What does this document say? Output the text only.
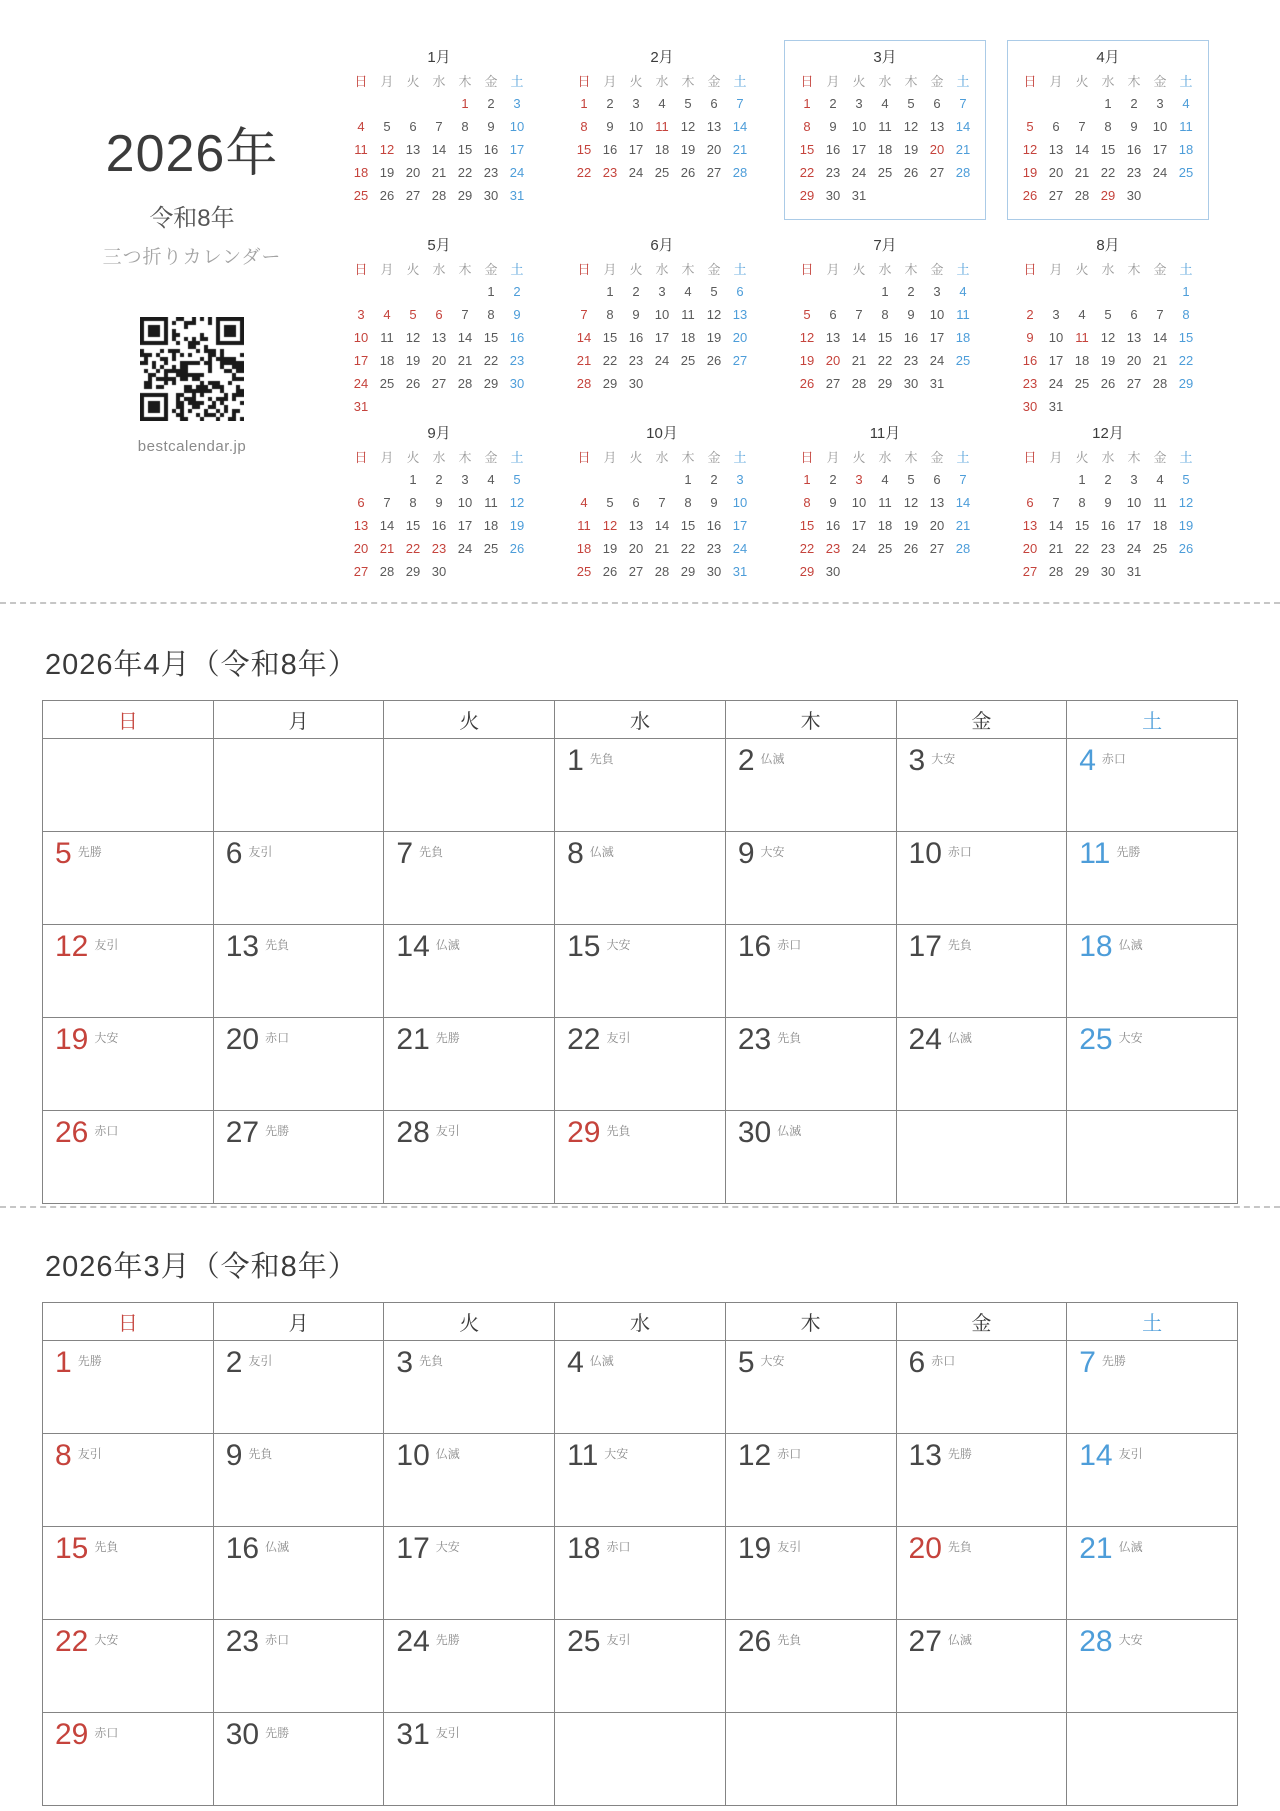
2026年
令和8年
三つ折りカレンダー
bestcalendar.jp
1月
日	月	火	水	木	金	土
				1	2	3
4	5	6	7	8	9	10
11	12	13	14	15	16	17
18	19	20	21	22	23	24
25	26	27	28	29	30	31
2月
日	月	火	水	木	金	土
1	2	3	4	5	6	7
8	9	10	11	12	13	14
15	16	17	18	19	20	21
22	23	24	25	26	27	28
3月
日	月	火	水	木	金	土
1	2	3	4	5	6	7
8	9	10	11	12	13	14
15	16	17	18	19	20	21
22	23	24	25	26	27	28
29	30	31				
4月
日	月	火	水	木	金	土
			1	2	3	4
5	6	7	8	9	10	11
12	13	14	15	16	17	18
19	20	21	22	23	24	25
26	27	28	29	30		
5月
日	月	火	水	木	金	土
					1	2
3	4	5	6	7	8	9
10	11	12	13	14	15	16
17	18	19	20	21	22	23
24	25	26	27	28	29	30
31						
6月
日	月	火	水	木	金	土
	1	2	3	4	5	6
7	8	9	10	11	12	13
14	15	16	17	18	19	20
21	22	23	24	25	26	27
28	29	30				
7月
日	月	火	水	木	金	土
			1	2	3	4
5	6	7	8	9	10	11
12	13	14	15	16	17	18
19	20	21	22	23	24	25
26	27	28	29	30	31	
8月
日	月	火	水	木	金	土
						1
2	3	4	5	6	7	8
9	10	11	12	13	14	15
16	17	18	19	20	21	22
23	24	25	26	27	28	29
30	31					
9月
日	月	火	水	木	金	土
		1	2	3	4	5
6	7	8	9	10	11	12
13	14	15	16	17	18	19
20	21	22	23	24	25	26
27	28	29	30			
10月
日	月	火	水	木	金	土
				1	2	3
4	5	6	7	8	9	10
11	12	13	14	15	16	17
18	19	20	21	22	23	24
25	26	27	28	29	30	31
11月
日	月	火	水	木	金	土
1	2	3	4	5	6	7
8	9	10	11	12	13	14
15	16	17	18	19	20	21
22	23	24	25	26	27	28
29	30					
12月
日	月	火	水	木	金	土
		1	2	3	4	5
6	7	8	9	10	11	12
13	14	15	16	17	18	19
20	21	22	23	24	25	26
27	28	29	30	31		
2026年4月（令和8年）
日	月	火	水	木	金	土
			1 先負	2 仏滅	3 大安	4 赤口
5 先勝	6 友引	7 先負	8 仏滅	9 大安	10 赤口	11 先勝
12 友引	13 先負	14 仏滅	15 大安	16 赤口	17 先負	18 仏滅
19 大安	20 赤口	21 先勝	22 友引	23 先負	24 仏滅	25 大安
26 赤口	27 先勝	28 友引	29 先負	30 仏滅		
2026年3月（令和8年）
日	月	火	水	木	金	土
1 先勝	2 友引	3 先負	4 仏滅	5 大安	6 赤口	7 先勝
8 友引	9 先負	10 仏滅	11 大安	12 赤口	13 先勝	14 友引
15 先負	16 仏滅	17 大安	18 赤口	19 友引	20 先負	21 仏滅
22 大安	23 赤口	24 先勝	25 友引	26 先負	27 仏滅	28 大安
29 赤口	30 先勝	31 友引				
